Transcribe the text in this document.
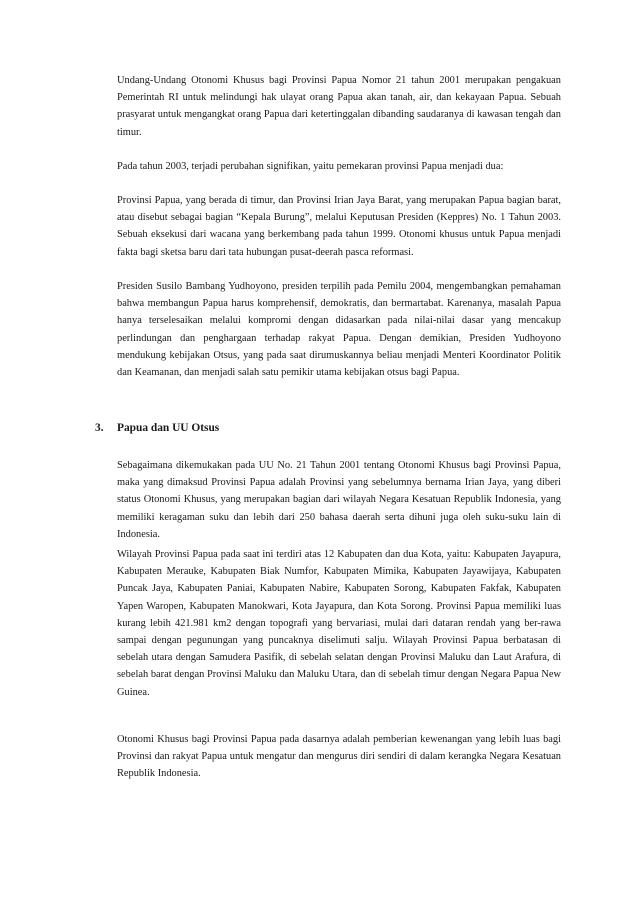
Undang-Undang Otonomi Khusus bagi Provinsi Papua Nomor 21 tahun 2001 merupakan pengakuan Pemerintah RI untuk melindungi hak ulayat orang Papua akan tanah, air, dan kekayaan Papua. Sebuah prasyarat untuk mengangkat orang Papua dari ketertinggalan dibanding saudaranya di kawasan tengah dan timur.

Pada tahun 2003, terjadi perubahan signifikan, yaitu pemekaran provinsi Papua menjadi dua:

Provinsi Papua, yang berada di timur, dan Provinsi Irian Jaya Barat, yang merupakan Papua bagian barat, atau disebut sebagai bagian “Kepala Burung”, melalui Keputusan Presiden (Keppres) No. 1 Tahun 2003. Sebuah eksekusi dari wacana yang berkembang pada tahun 1999. Otonomi khusus untuk Papua menjadi fakta bagi sketsa baru dari tata hubungan pusat-deerah pasca reformasi.

Presiden Susilo Bambang Yudhoyono, presiden terpilih pada Pemilu 2004, mengembangkan pemahaman bahwa membangun Papua harus komprehensif, demokratis, dan bermartabat. Karenanya, masalah Papua hanya terselesaikan melalui kompromi dengan didasarkan pada nilai-nilai dasar yang mencakup perlindungan dan penghargaan terhadap rakyat Papua. Dengan demikian, Presiden Yudhoyono mendukung kebijakan Otsus, yang pada saat dirumuskannya beliau menjadi Menteri Koordinator Politik dan Keamanan, dan menjadi salah satu pemikir utama kebijakan otsus bagi Papua.

3. Papua dan UU Otsus

Sebagaimana dikemukakan pada UU No. 21 Tahun 2001 tentang Otonomi Khusus bagi Provinsi Papua, maka yang dimaksud Provinsi Papua adalah Provinsi yang sebelumnya bernama Irian Jaya, yang diberi status Otonomi Khusus, yang merupakan bagian dari wilayah Negara Kesatuan Republik Indonesia, yang memiliki keragaman suku dan lebih dari 250 bahasa daerah serta dihuni juga oleh suku-suku lain di Indonesia.

Wilayah Provinsi Papua pada saat ini terdiri atas 12 Kabupaten dan dua Kota, yaitu: Kabupaten Jayapura, Kabupaten Merauke, Kabupaten Biak Numfor, Kabupaten Mimika, Kabupaten Jayawijaya, Kabupaten Puncak Jaya, Kabupaten Paniai, Kabupaten Nabire, Kabupaten Sorong, Kabupaten Fakfak, Kabupaten Yapen Waropen, Kabupaten Manokwari, Kota Jayapura, dan Kota Sorong. Provinsi Papua memiliki luas kurang lebih 421.981 km2 dengan topografi yang bervariasi, mulai dari dataran rendah yang ber-rawa sampai dengan pegunungan yang puncaknya diselimuti salju. Wilayah Provinsi Papua berbatasan di sebelah utara dengan Samudera Pasifik, di sebelah selatan dengan Provinsi Maluku dan Laut Arafura, di sebelah barat dengan Provinsi Maluku dan Maluku Utara, dan di sebelah timur dengan Negara Papua New Guinea.

Otonomi Khusus bagi Provinsi Papua pada dasarnya adalah pemberian kewenangan yang lebih luas bagi Provinsi dan rakyat Papua untuk mengatur dan mengurus diri sendiri di dalam kerangka Negara Kesatuan Republik Indonesia.
